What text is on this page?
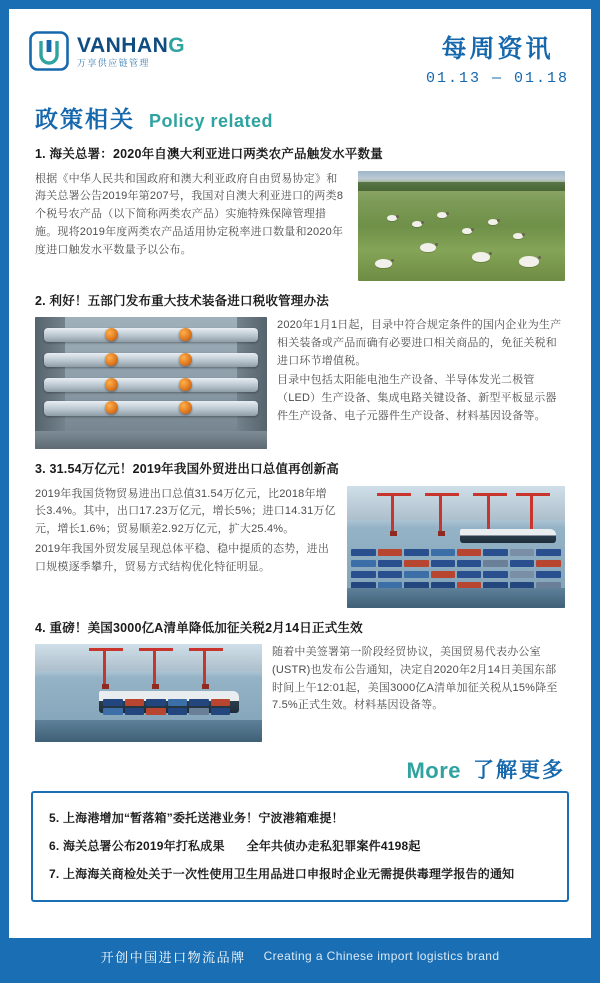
VANHANG
万享供应链管理	每周资讯
01.13 — 01.18
政策相关 Policy related
1. 海关总署：2020年自澳大利亚进口两类农产品触发水平数量

根据《中华人民共和国政府和澳大利亚政府自由贸易协定》和海关总署公告2019年第207号，我国对自澳大利亚进口的两类8个税号农产品（以下简称两类农产品）实施特殊保障管理措施。现将2019年度两类农产品适用协定税率进口数量和2020年度进口触发水平数量予以公布。

2. 利好！五部门发布重大技术装备进口税收管理办法

2020年1月1日起，目录中符合规定条件的国内企业为生产相关装备或产品而确有必要进口相关商品的，免征关税和进口环节增值税。

目录中包括太阳能电池生产设备、半导体发光二极管（LED）生产设备、集成电路关键设备、新型平板显示器件生产设备、电子元器件生产设备、材料基因设备等。

3. 31.54万亿元！2019年我国外贸进出口总值再创新高

2019年我国货物贸易进出口总值31.54万亿元，比2018年增长3.4%。其中，出口17.23万亿元，增长5%；进口14.31万亿元，增长1.6%；贸易顺差2.92万亿元，扩大25.4%。

2019年我国外贸发展呈现总体平稳、稳中提质的态势，进出口规模逐季攀升，贸易方式结构优化特征明显。

4. 重磅！美国3000亿A清单降低加征关税2月14日正式生效

随着中美签署第一阶段经贸协议，美国贸易代表办公室(USTR)也发布公告通知，决定自2020年2月14日美国东部时间上午12:01起，美国3000亿A清单加征关税从15%降至7.5%正式生效。材料基因设备等。

More 了解更多
5. 上海港增加“暂落箱”委托送港业务！宁波港箱难提！
6. 海关总署公布2019年打私成果 全年共侦办走私犯罪案件4198起
7. 上海海关商检处关于一次性使用卫生用品进口申报时企业无需提供毒理学报告的通知
开创中国进口物流品牌 Creating a Chinese import logistics brand
